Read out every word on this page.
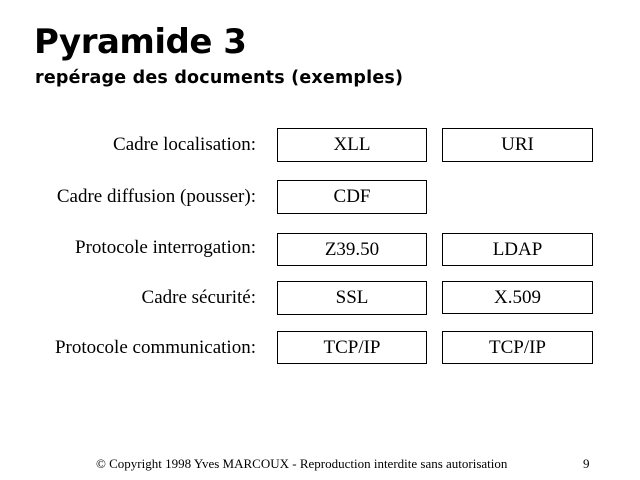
Pyramide 3
repérage des documents (exemples)
Cadre localisation:	XLL	URI
Cadre diffusion (pousser):	CDF
Protocole interrogation:	Z39.50	LDAP
Cadre sécurité:	SSL	X.509
Protocole communication:	TCP/IP	TCP/IP
© Copyright 1998 Yves MARCOUX - Reproduction interdite sans autorisation	9
